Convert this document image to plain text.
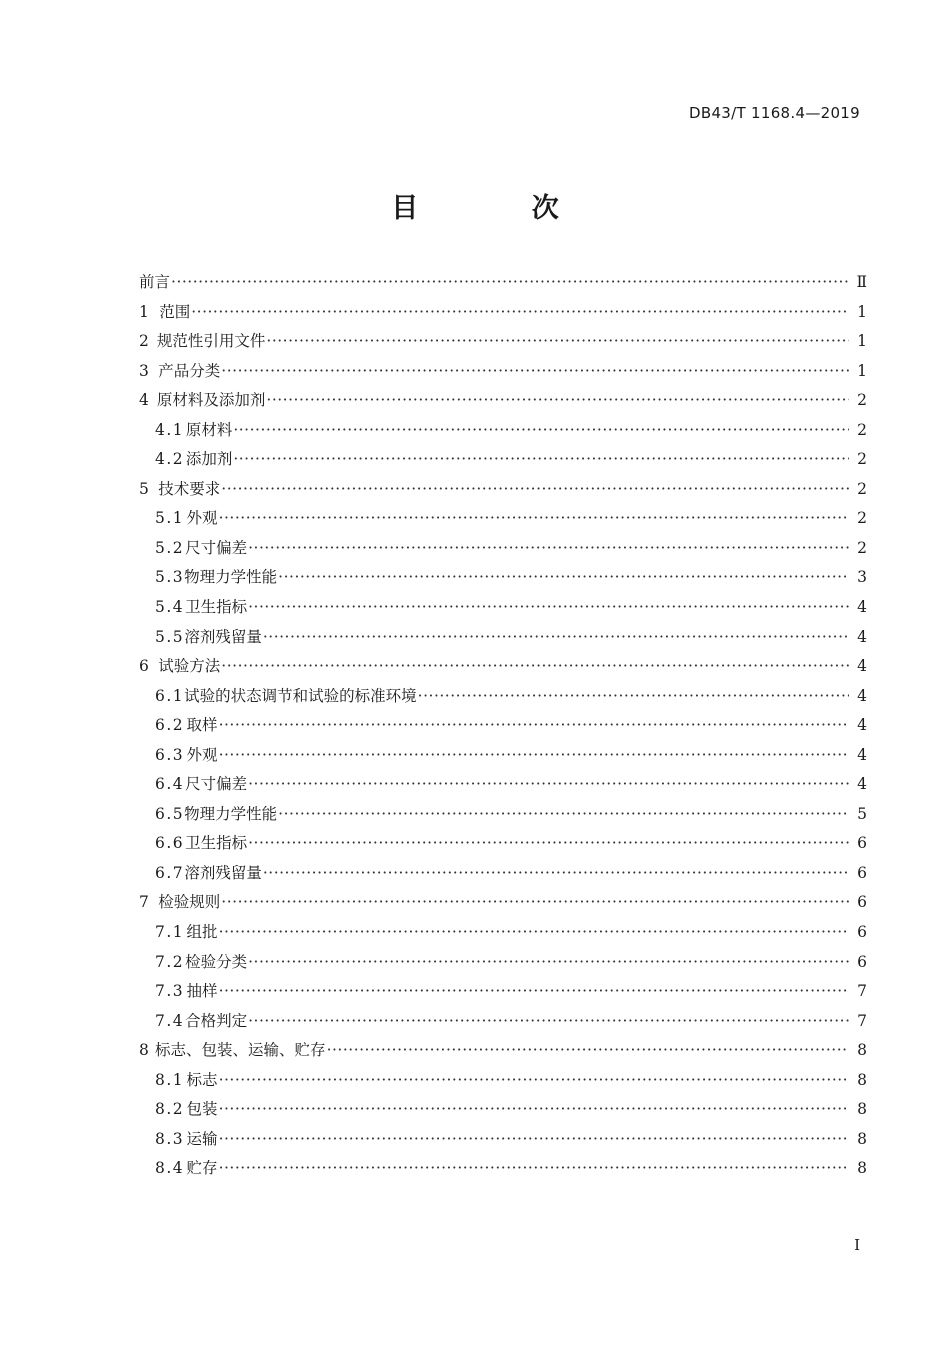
DB43/T 1168.4—2019
目 次
前言 ·····	Ⅱ
1 范围 ·····	1
2 规范性引用文件 ·····	1
3 产品分类 ·····	1
4 原材料及添加剂 ·····	2
4.1 原材料 ·····	2
4.2 添加剂 ·····	2
5 技术要求 ·····	2
5.1 外观 ·····	2
5.2 尺寸偏差 ·····	2
5.3 物理力学性能 ·····	3
5.4 卫生指标 ·····	4
5.5 溶剂残留量 ·····	4
6 试验方法 ·····	4
6.1 试验的状态调节和试验的标准环境 ·····	4
6.2 取样 ·····	4
6.3 外观 ·····	4
6.4 尺寸偏差 ·····	4
6.5 物理力学性能 ·····	5
6.6 卫生指标 ·····	6
6.7 溶剂残留量 ·····	6
7 检验规则 ·····	6
7.1 组批 ·····	6
7.2 检验分类 ·····	6
7.3 抽样 ·····	7
7.4 合格判定 ·····	7
8 标志、包装、运输、贮存 ·····	8
8.1 标志 ·····	8
8.2 包装 ·····	8
8.3 运输 ·····	8
8.4 贮存 ·····	8
I
